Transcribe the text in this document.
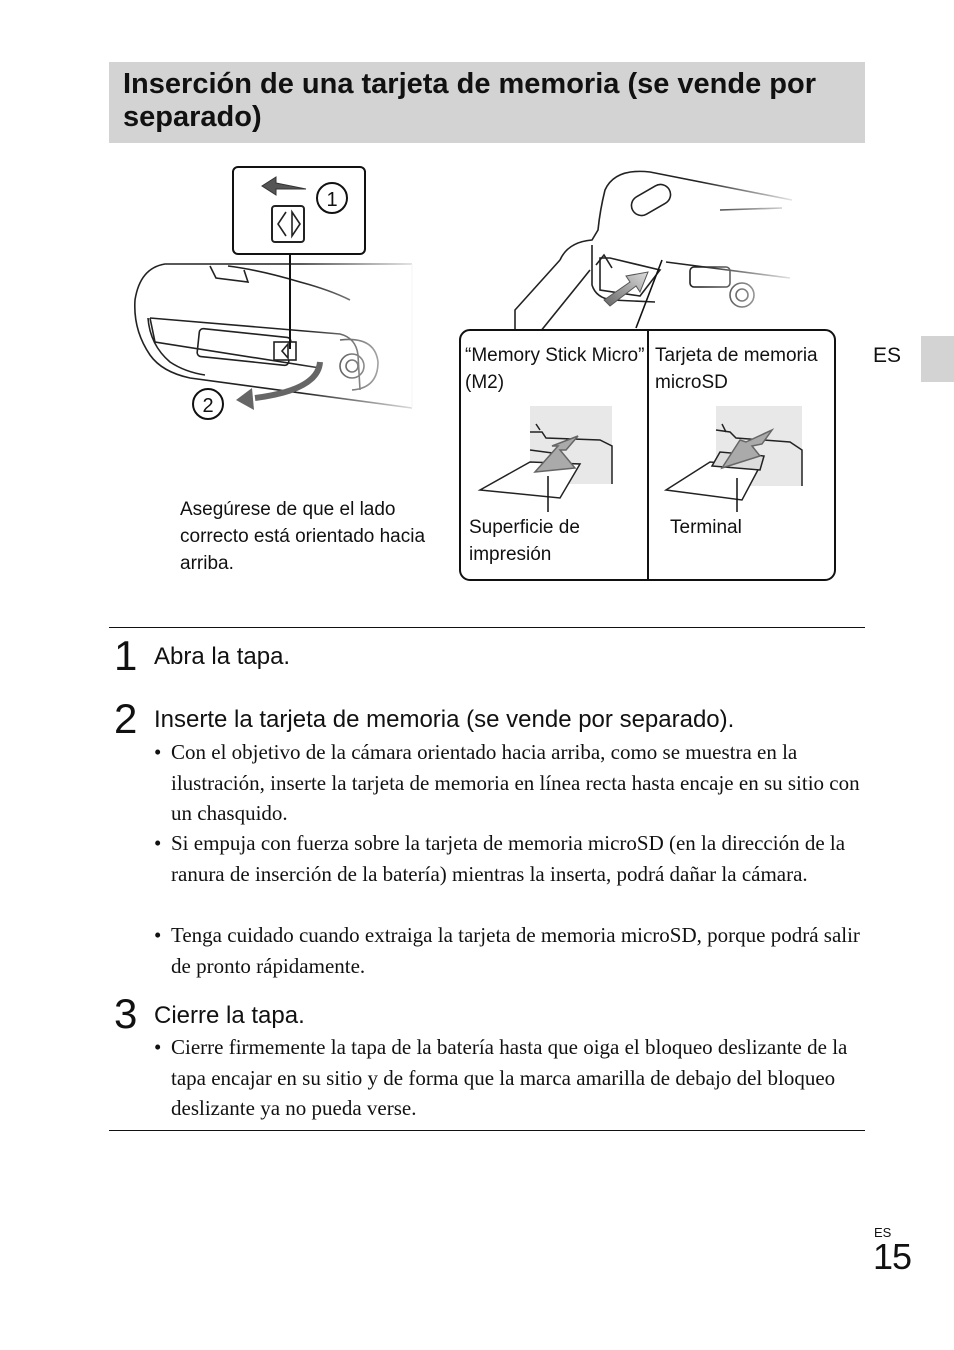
Inserción de una tarjeta de memoria (se vende por separado)
ES
1
2
Asegúrese de que el lado correcto está orientado hacia arriba.
“Memory Stick Micro” (M2)
Tarjeta de memoria microSD
Superficie de impresión
Terminal
1 Abra la tapa.
2 Inserte la tarjeta de memoria (se vende por separado).
• Con el objetivo de la cámara orientado hacia arriba, como se muestra en la ilustración, inserte la tarjeta de memoria en línea recta hasta encaje en su sitio con un chasquido.
• Si empuja con fuerza sobre la tarjeta de memoria microSD (en la dirección de la ranura de inserción de la batería) mientras la inserta, podrá dañar la cámara.
• Tenga cuidado cuando extraiga la tarjeta de memoria microSD, porque podrá salir de pronto rápidamente.
3 Cierre la tapa.
• Cierre firmemente la tapa de la batería hasta que oiga el bloqueo deslizante de la tapa encajar en su sitio y de forma que la marca amarilla de debajo del bloqueo deslizante ya no pueda verse.
ES
15
